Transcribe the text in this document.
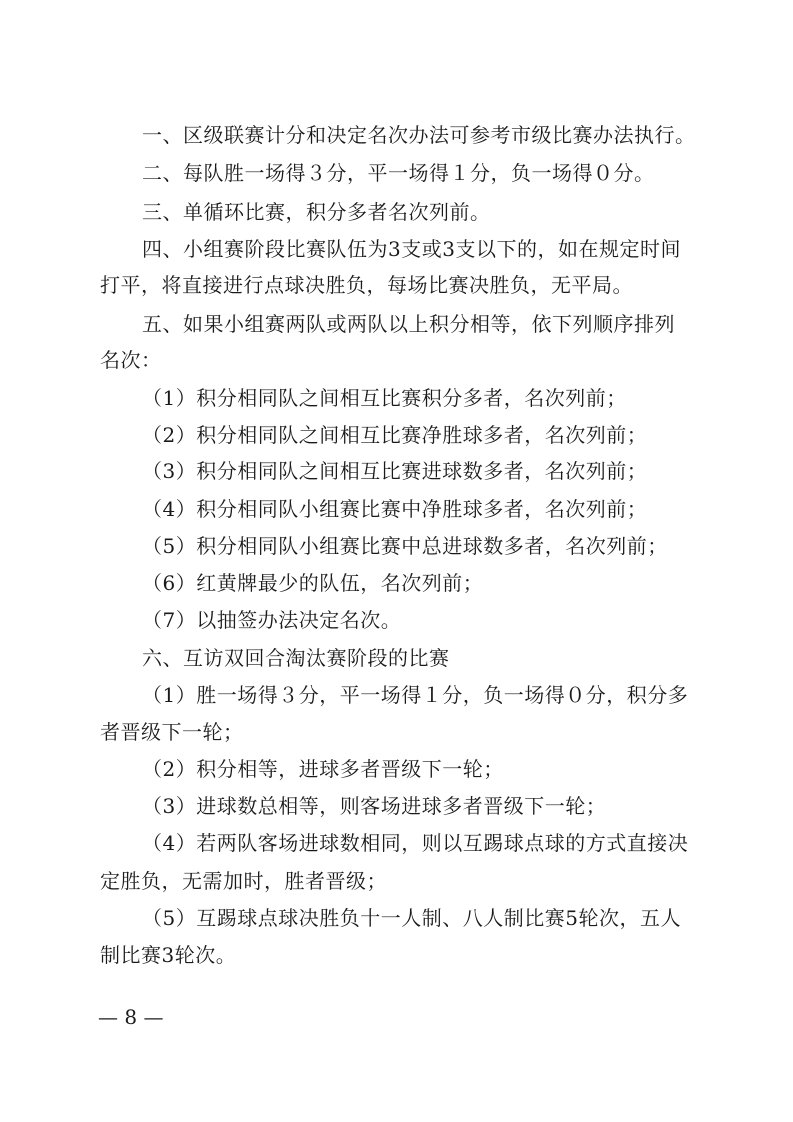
一、区级联赛计分和决定名次办法可参考市级比赛办法执行。
二、每队胜一场得３分，平一场得１分，负一场得０分。
三、单循环比赛，积分多者名次列前。
四、小组赛阶段比赛队伍为3支或3支以下的，如在规定时间
打平，将直接进行点球决胜负，每场比赛决胜负，无平局。
五、如果小组赛两队或两队以上积分相等，依下列顺序排列
名次：
（1）积分相同队之间相互比赛积分多者，名次列前；
（2）积分相同队之间相互比赛净胜球多者，名次列前；
（3）积分相同队之间相互比赛进球数多者，名次列前；
（4）积分相同队小组赛比赛中净胜球多者，名次列前；
（5）积分相同队小组赛比赛中总进球数多者，名次列前；
（6）红黄牌最少的队伍，名次列前；
（7）以抽签办法决定名次。
六、互访双回合淘汰赛阶段的比赛
（1）胜一场得３分，平一场得１分，负一场得０分，积分多
者晋级下一轮；
（2）积分相等，进球多者晋级下一轮；
（3）进球数总相等，则客场进球多者晋级下一轮；
（4）若两队客场进球数相同，则以互踢球点球的方式直接决
定胜负，无需加时，胜者晋级；
（5）互踢球点球决胜负十一人制、八人制比赛5轮次，五人
制比赛3轮次。
— 8 —
